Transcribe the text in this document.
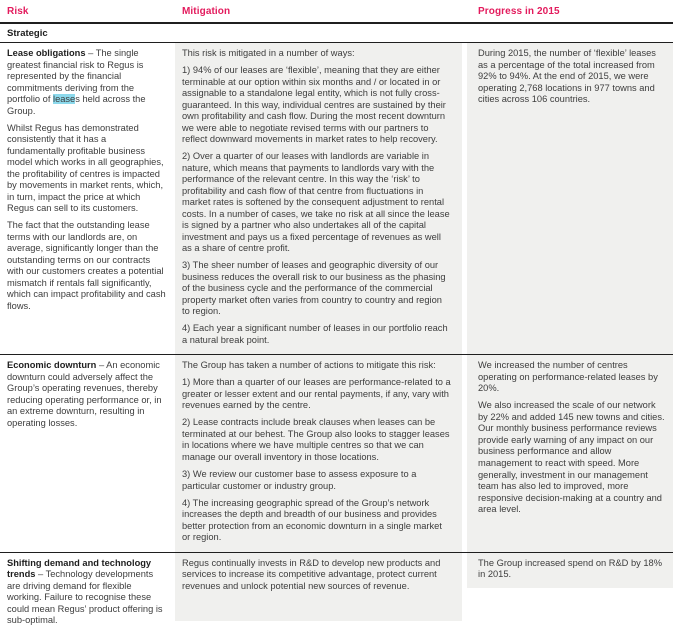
Risk	Mitigation	Progress in 2015
Strategic

Lease obligations – The single greatest financial risk to Regus is represented by the financial commitments deriving from the portfolio of leases held across the Group.

Whilst Regus has demonstrated consistently that it has a fundamentally profitable business model which works in all geographies, the profitability of centres is impacted by movements in market rents, which, in turn, impact the price at which Regus can sell to its customers.

The fact that the outstanding lease terms with our landlords are, on average, significantly longer than the outstanding terms on our contracts with our customers creates a potential mismatch if rentals fall significantly, which can impact profitability and cash flows.

This risk is mitigated in a number of ways:

1) 94% of our leases are ‘flexible’, meaning that they are either terminable at our option within six months and / or located in or assignable to a standalone legal entity, which is not fully cross-guaranteed. In this way, individual centres are sustained by their own profitability and cash flow. During the most recent downturn we were able to negotiate revised terms with our partners to reflect downward movements in market rates to help recovery.

2) Over a quarter of our leases with landlords are variable in nature, which means that payments to landlords vary with the performance of the relevant centre. In this way the ‘risk’ to profitability and cash flow of that centre from fluctuations in market rates is softened by the consequent adjustment to rental costs. In a number of cases, we take no risk at all since the lease is signed by a partner who also undertakes all of the capital investment and pays us a fixed percentage of revenues as well as a share of centre profit.

3) The sheer number of leases and geographic diversity of our business reduces the overall risk to our business as the phasing of the business cycle and the performance of the commercial property market often varies from country to country and region to region.

4) Each year a significant number of leases in our portfolio reach a natural break point.

During 2015, the number of ‘flexible’ leases as a percentage of the total increased from 92% to 94%. At the end of 2015, we were operating 2,768 locations in 977 towns and cities across 106 countries.

Economic downturn – An economic downturn could adversely affect the Group’s operating revenues, thereby reducing operating performance or, in an extreme downturn, resulting in operating losses.

The Group has taken a number of actions to mitigate this risk:

1) More than a quarter of our leases are performance-related to a greater or lesser extent and our rental payments, if any, vary with revenues earned by the centre.

2) Lease contracts include break clauses when leases can be terminated at our behest. The Group also looks to stagger leases in locations where we have multiple centres so that we can manage our overall inventory in those locations.

3) We review our customer base to assess exposure to a particular customer or industry group.

4) The increasing geographic spread of the Group’s network increases the depth and breadth of our business and provides better protection from an economic downturn in a single market or region.

We increased the number of centres operating on performance-related leases by 20%.

We also increased the scale of our network by 22% and added 145 new towns and cities. Our monthly business performance reviews provide early warning of any impact on our business performance and allow management to react with speed. More generally, investment in our management team has also led to improved, more responsive decision-making at a country and area level.

Shifting demand and technology trends – Technology developments are driving demand for flexible working. Failure to recognise these could mean Regus’ product offering is sub-optimal.

Regus continually invests in R&D to develop new products and services to increase its competitive advantage, protect current revenues and unlock potential new sources of revenue.

The Group increased spend on R&D by 18% in 2015.
